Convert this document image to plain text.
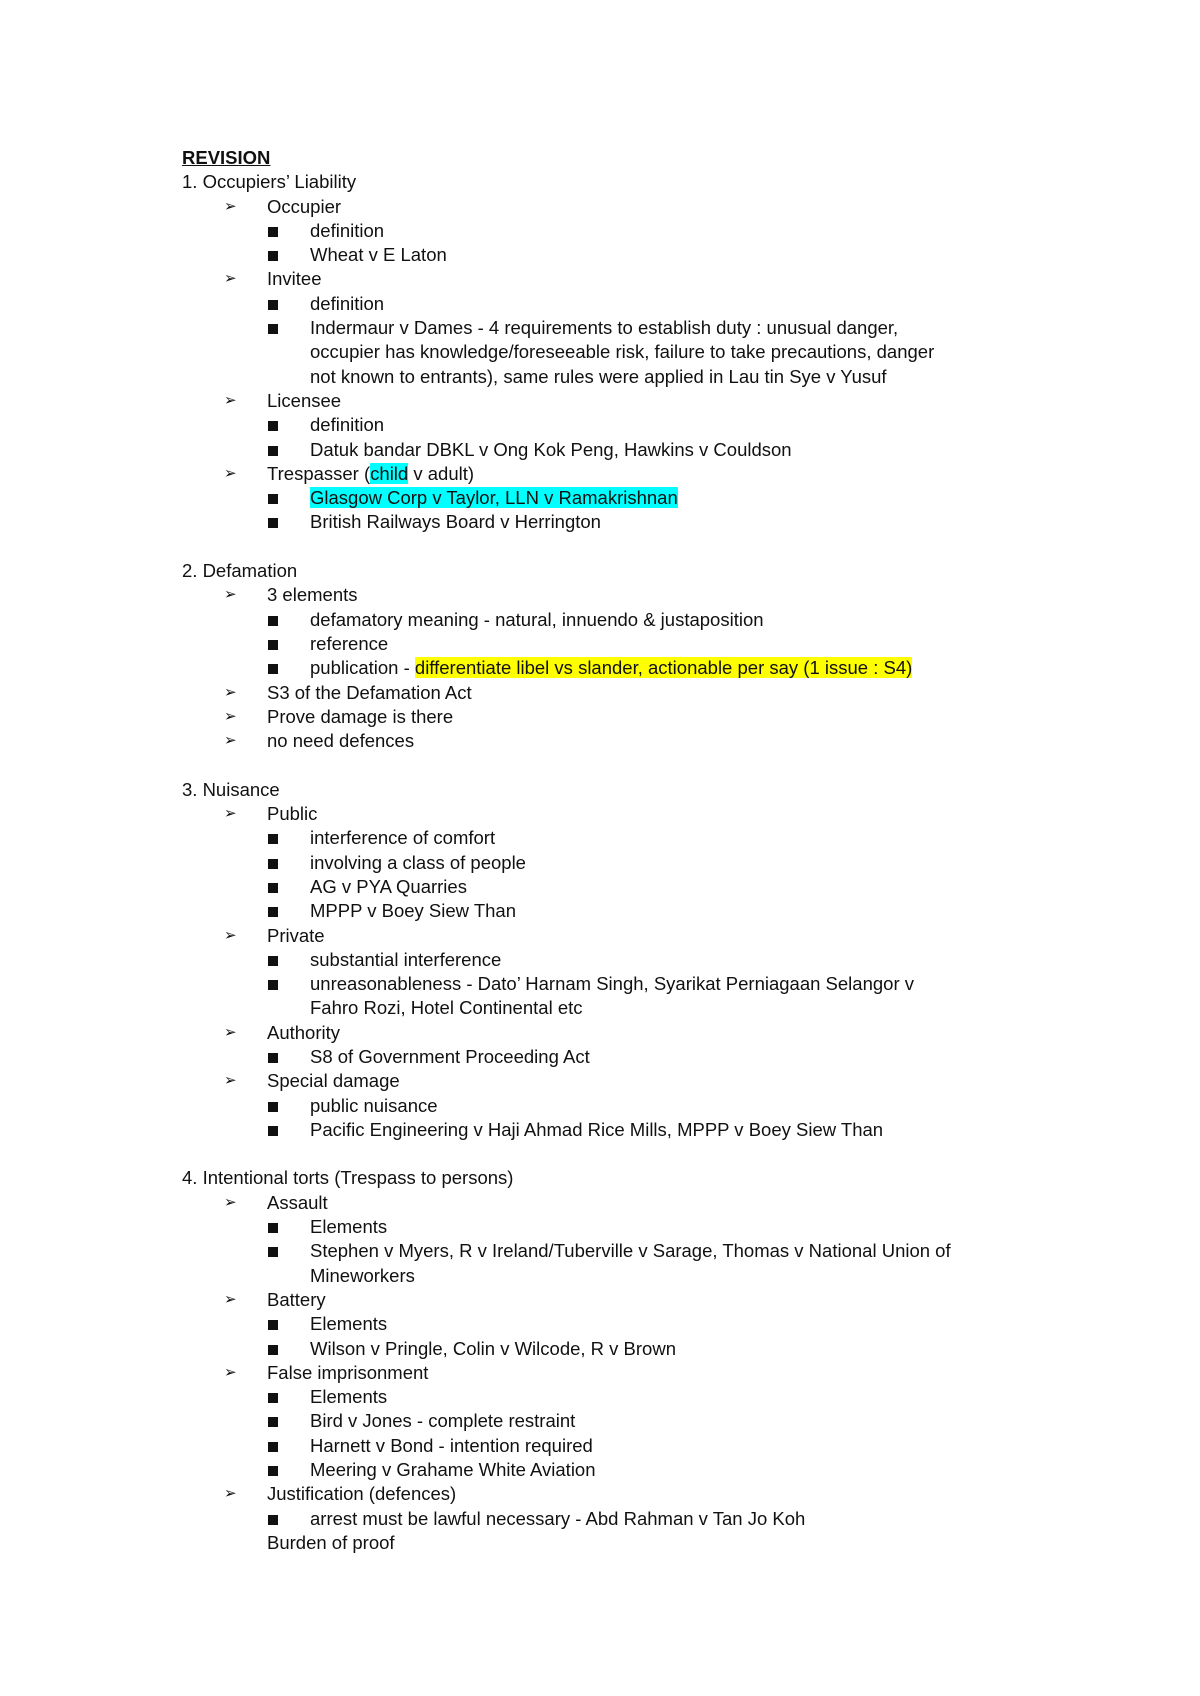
REVISION
1. Occupiers’ Liability
➢ Occupier
definition
Wheat v E Laton
➢ Invitee
definition
Indermaur v Dames - 4 requirements to establish duty : unusual danger,
occupier has knowledge/foreseeable risk, failure to take precautions, danger
not known to entrants), same rules were applied in Lau tin Sye v Yusuf
➢ Licensee
definition
Datuk bandar DBKL v Ong Kok Peng, Hawkins v Couldson
➢ Trespasser (child v adult)
Glasgow Corp v Taylor, LLN v Ramakrishnan
British Railways Board v Herrington
2. Defamation
➢ 3 elements
defamatory meaning - natural, innuendo & justaposition
reference
publication - differentiate libel vs slander, actionable per say (1 issue : S4)
➢ S3 of the Defamation Act
➢ Prove damage is there
➢ no need defences
3. Nuisance
➢ Public
interference of comfort
involving a class of people
AG v PYA Quarries
MPPP v Boey Siew Than
➢ Private
substantial interference
unreasonableness - Dato’ Harnam Singh, Syarikat Perniagaan Selangor v
Fahro Rozi, Hotel Continental etc
➢ Authority
S8 of Government Proceeding Act
➢ Special damage
public nuisance
Pacific Engineering v Haji Ahmad Rice Mills, MPPP v Boey Siew Than
4. Intentional torts (Trespass to persons)
➢ Assault
Elements
Stephen v Myers, R v Ireland/Tuberville v Sarage, Thomas v National Union of
Mineworkers
➢ Battery
Elements
Wilson v Pringle, Colin v Wilcode, R v Brown
➢ False imprisonment
Elements
Bird v Jones - complete restraint
Harnett v Bond - intention required
Meering v Grahame White Aviation
➢ Justification (defences)
arrest must be lawful necessary - Abd Rahman v Tan Jo Koh
Burden of proof
